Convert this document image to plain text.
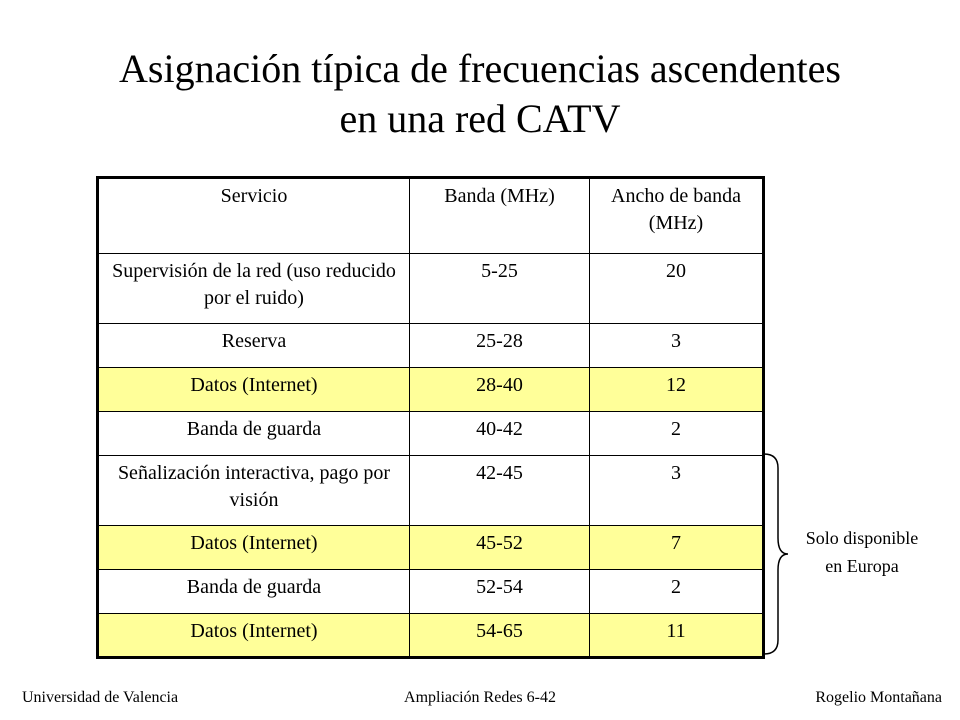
Asignación típica de frecuencias ascendentes
en una red CATV
Servicio	Banda (MHz)	Ancho de banda (MHz)
Supervisión de la red (uso reducido por el ruido)	5-25	20
Reserva	25-28	3
Datos (Internet)	28-40	12
Banda de guarda	40-42	2
Señalización interactiva, pago por visión	42-45	3
Datos (Internet)	45-52	7
Banda de guarda	52-54	2
Datos (Internet)	54-65	11
Solo disponible
en Europa
Ampliación Redes 6-42
Universidad de Valencia	Rogelio Montañana
